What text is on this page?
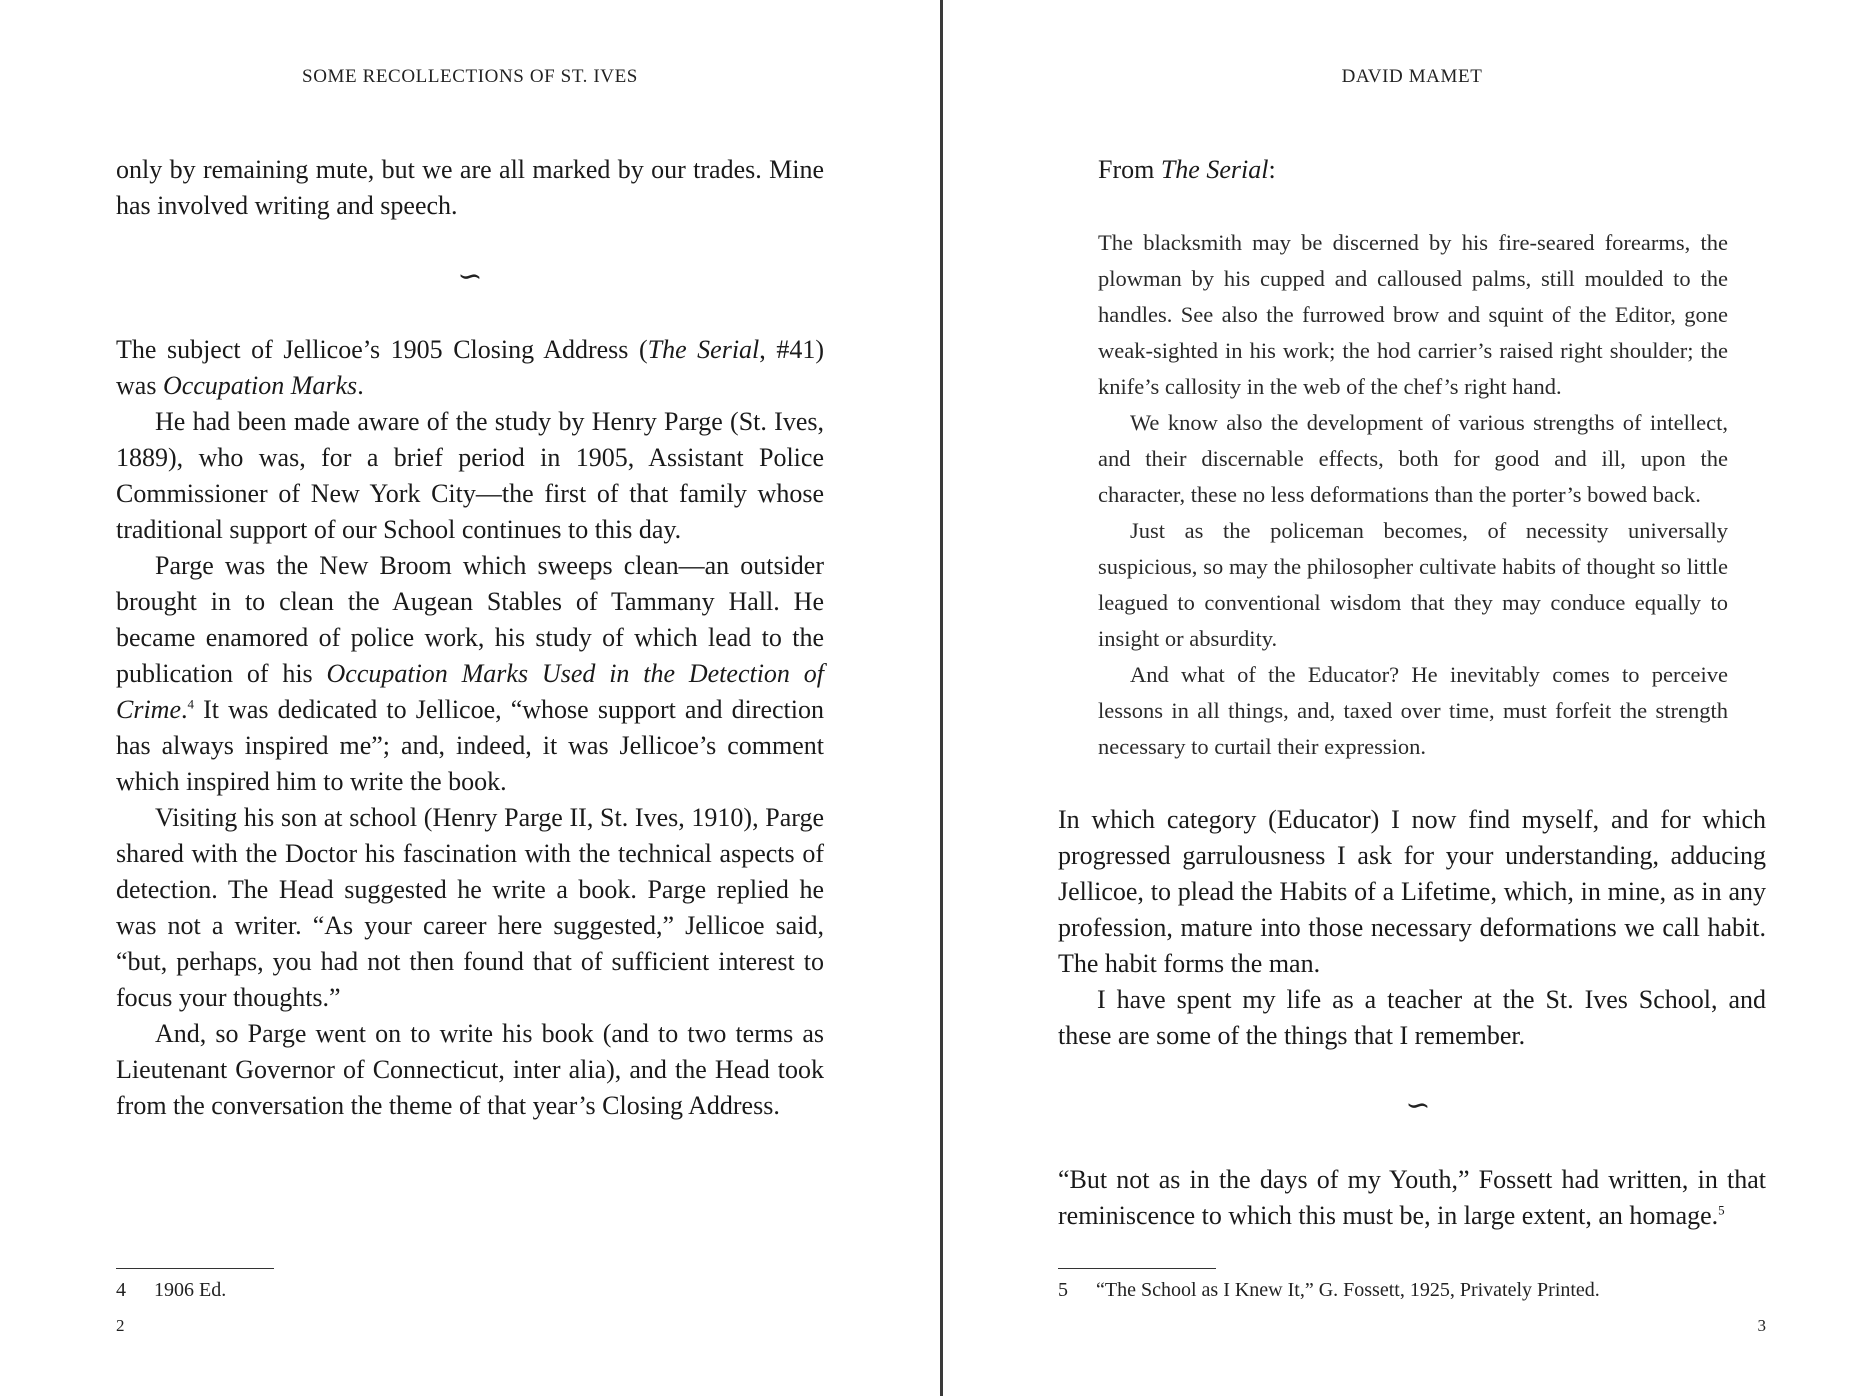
SOME RECOLLECTIONS OF ST. IVES

only by remaining mute, but we are all marked by our trades. Mine has involved writing and speech.

∽

The subject of Jellicoe’s 1905 Closing Address (The Serial, #41) was Occupation Marks.

He had been made aware of the study by Henry Parge (St. Ives, 1889), who was, for a brief period in 1905, Assistant Police Commissioner of New York City—the first of that family whose traditional support of our School continues to this day.

Parge was the New Broom which sweeps clean—an outsider brought in to clean the Augean Stables of Tammany Hall. He became enamored of police work, his study of which lead to the publication of his Occupation Marks Used in the Detection of Crime.$^4$ It was dedicated to Jellicoe, “whose support and direction has always inspired me”; and, indeed, it was Jellicoe’s comment which inspired him to write the book.

Visiting his son at school (Henry Parge II, St. Ives, 1910), Parge shared with the Doctor his fascination with the technical aspects of detection. The Head suggested he write a book. Parge replied he was not a writer. “As your career here suggested,” Jellicoe said, “but, perhaps, you had not then found that of sufficient interest to focus your thoughts.”

And, so Parge went on to write his book (and to two terms as Lieutenant Governor of Connecticut, inter alia), and the Head took from the conversation the theme of that year’s Closing Address.

4 1906 Ed.
2
DAVID MAMET
From The Serial:

The blacksmith may be discerned by his fire-seared forearms, the plowman by his cupped and calloused palms, still moulded to the handles. See also the furrowed brow and squint of the Editor, gone weak-sighted in his work; the hod carrier’s raised right shoulder; the knife’s callosity in the web of the chef’s right hand.

We know also the development of various strengths of intellect, and their discernable effects, both for good and ill, upon the character, these no less deformations than the porter’s bowed back.

Just as the policeman becomes, of necessity universally suspicious, so may the philosopher cultivate habits of thought so little leagued to conventional wisdom that they may conduce equally to insight or absurdity.

And what of the Educator? He inevitably comes to perceive lessons in all things, and, taxed over time, must forfeit the strength necessary to curtail their expression.

In which category (Educator) I now find myself, and for which progressed garrulousness I ask for your understanding, adducing Jellicoe, to plead the Habits of a Lifetime, which, in mine, as in any profession, mature into those necessary deformations we call habit. The habit forms the man.

I have spent my life as a teacher at the St. Ives School, and these are some of the things that I remember.

∽

“But not as in the days of my Youth,” Fossett had written, in that reminiscence to which this must be, in large extent, an homage.$^5$

5 “The School as I Knew It,” G. Fossett, 1925, Privately Printed.
3
